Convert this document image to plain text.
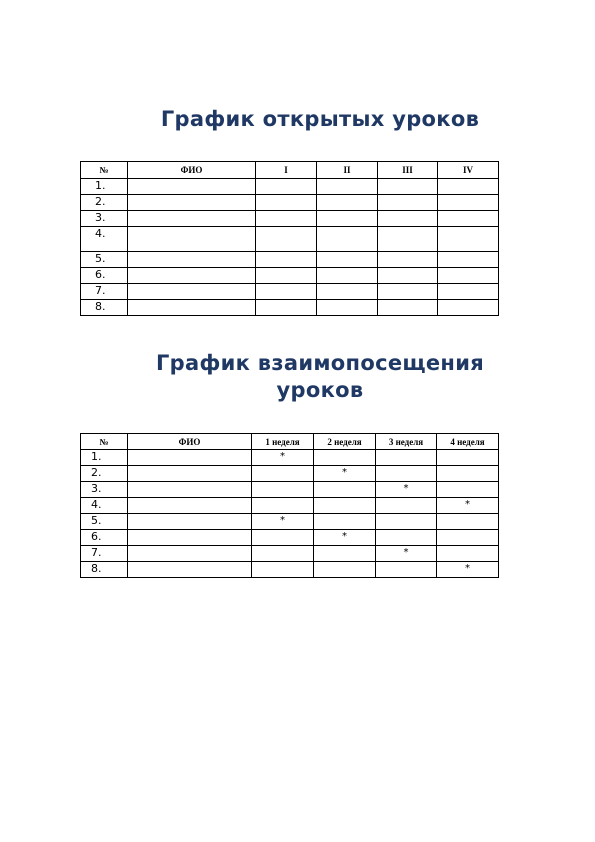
График открытых уроков
№	ФИО	I	II	III	IV
1.					
2.					
3.					
4.					
5.					
6.					
7.					
8.					
График взаимопосещения
уроков
№	ФИО	1 неделя	2 неделя	3 неделя	4 неделя
1.		*			
2.			*		
3.				*	
4.					*
5.		*			
6.			*		
7.				*	
8.					*
